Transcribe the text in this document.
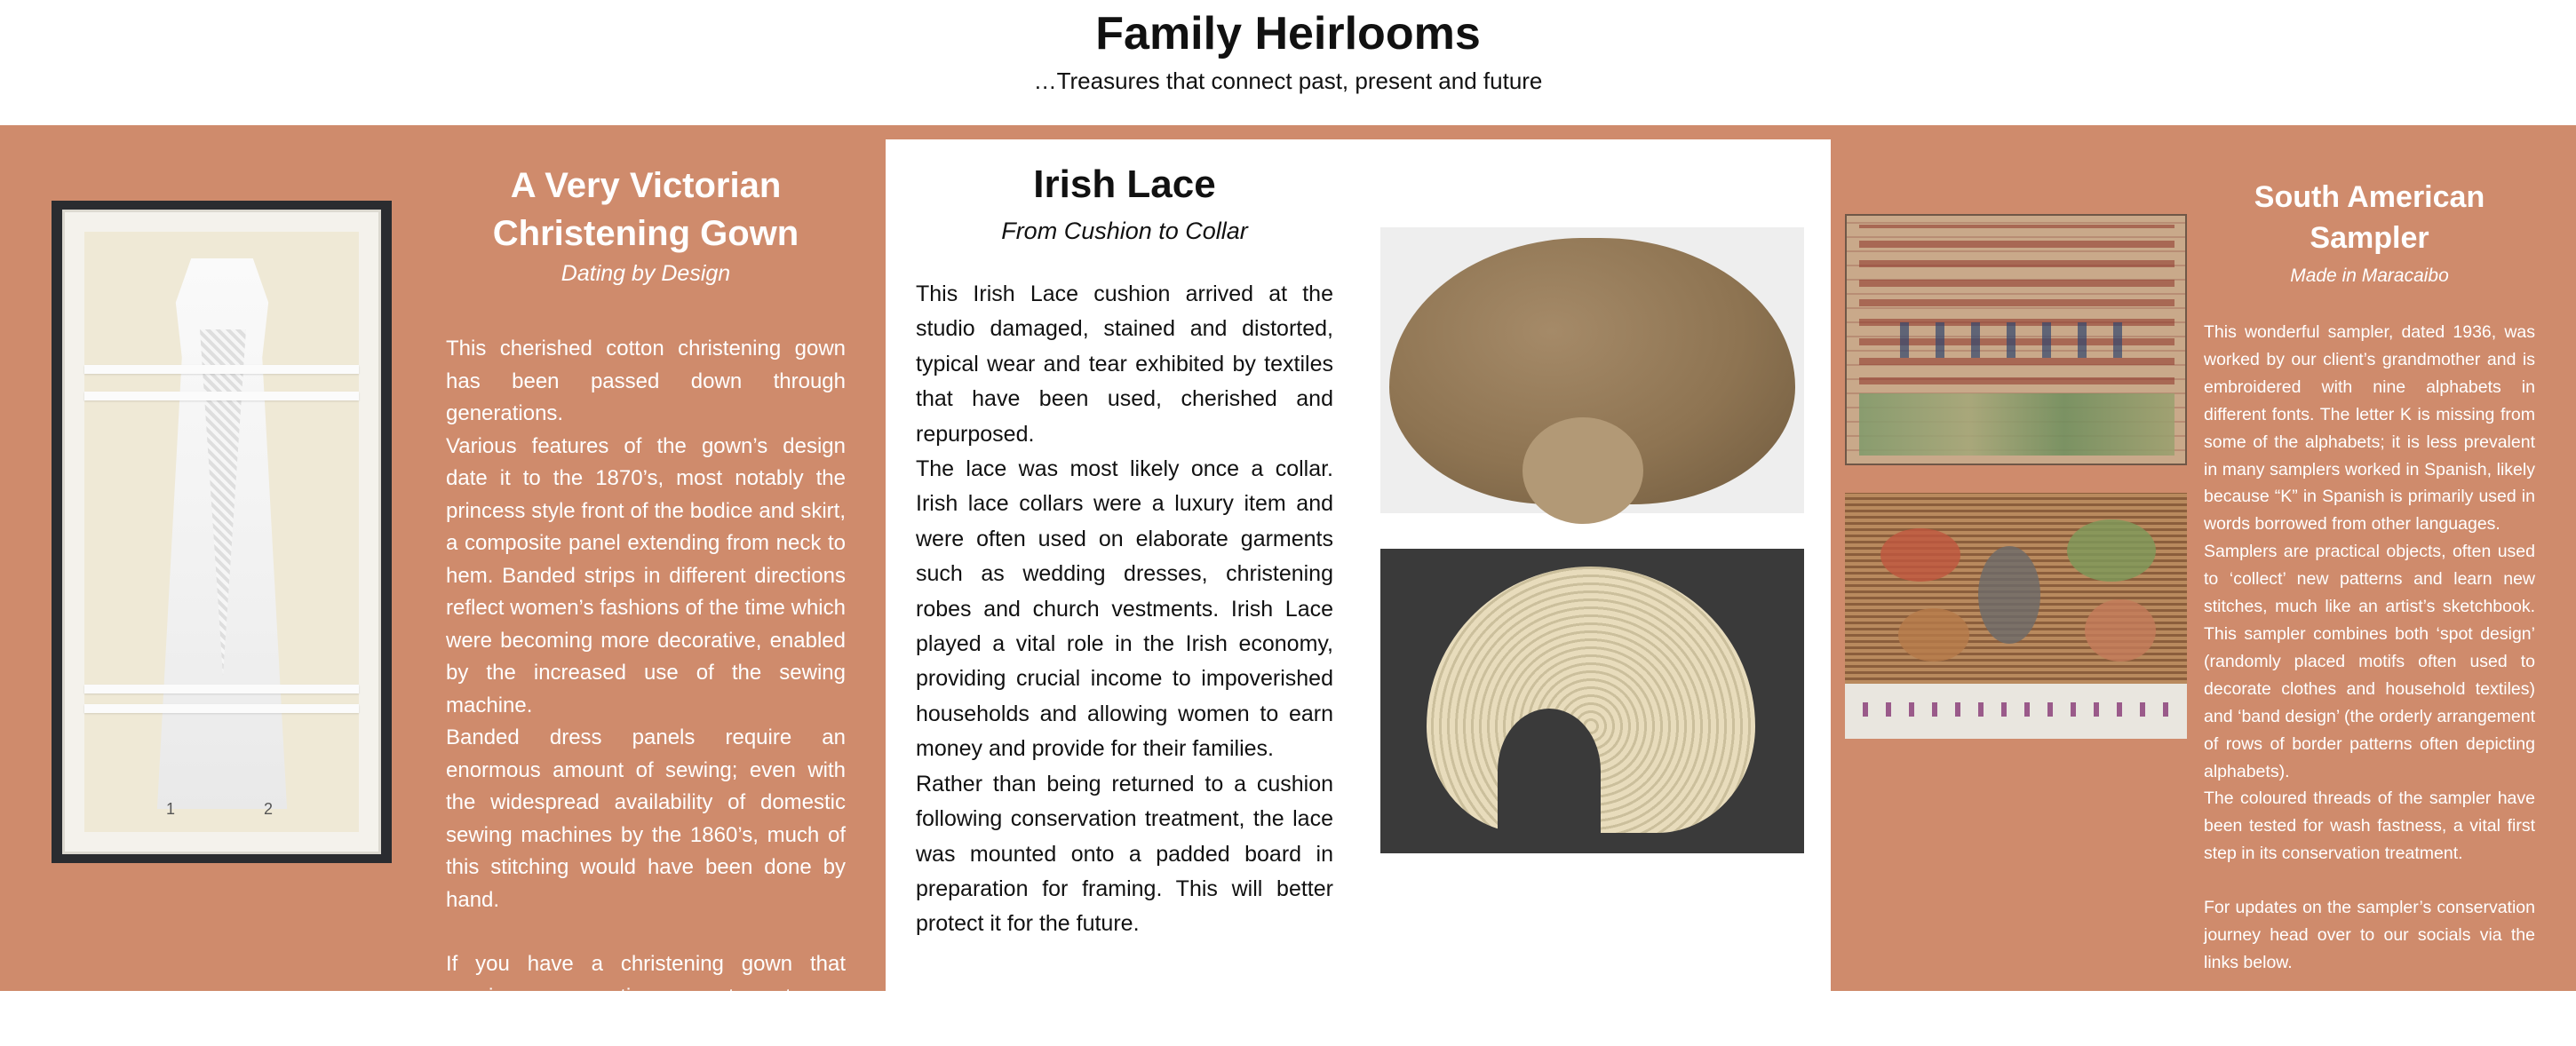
Family Heirlooms
…Treasures that connect past, present and future
1	2
A Very Victorian Christening Gown
Dating by Design

This cherished cotton christening gown has been passed down through generations.

Various features of the gown’s design date it to the 1870’s, most notably the princess style front of the bodice and skirt, a composite panel extending from neck to hem. Banded strips in different directions reflect women’s fashions of the time which were becoming more decorative, enabled by the increased use of the sewing machine.

Banded dress panels require an enormous amount of sewing; even with the widespread availability of domestic sewing machines by the 1860’s, much of this stitching would have been done by hand.

If you have a christening gown that requires conservation or custom storage get in touch!

Irish Lace
From Cushion to Collar

This Irish Lace cushion arrived at the studio damaged, stained and distorted, typical wear and tear exhibited by textiles that have been used, cherished and repurposed.

The lace was most likely once a collar. Irish lace collars were a luxury item and were often used on elaborate garments such as wedding dresses, christening robes and church vestments. Irish Lace played a vital role in the Irish economy, providing crucial income to impoverished households and allowing women to earn money and provide for their families.

Rather than being returned to a cushion following conservation treatment, the lace was mounted onto a padded board in preparation for framing. This will better protect it for the future.

South American Sampler
Made in Maracaibo

This wonderful sampler, dated 1936, was worked by our client’s grandmother and is embroidered with nine alphabets in different fonts. The letter K is missing from some of the alphabets; it is less prevalent in many samplers worked in Spanish, likely because “K” in Spanish is primarily used in words borrowed from other languages.

Samplers are practical objects, often used to ‘collect’ new patterns and learn new stitches, much like an artist’s sketchbook. This sampler combines both ‘spot design’ (randomly placed motifs often used to decorate clothes and household textiles) and ‘band design’ (the orderly arrangement of rows of border patterns often depicting alphabets).

The coloured threads of the sampler have been tested for wash fastness, a vital first step in its conservation treatment.

For updates on the sampler’s conservation journey head over to our socials via the links below.
